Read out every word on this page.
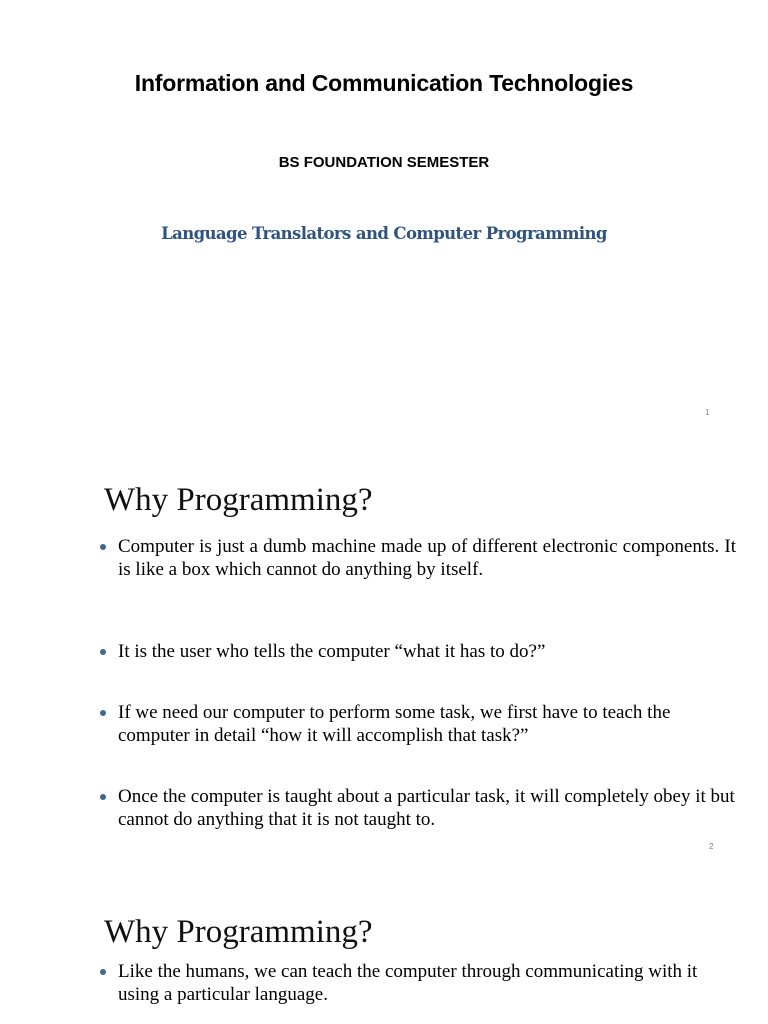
Information and Communication Technologies
BS FOUNDATION SEMESTER
Language Translators and Computer Programming
1
Why Programming?
Computer is just a dumb machine made up of different electronic components. It is like a box which cannot do anything by itself.
It is the user who tells the computer “what it has to do?”
If we need our computer to perform some task, we first have to teach the computer in detail “how it will accomplish that task?”
Once the computer is taught about a particular task, it will completely obey it but cannot do anything that it is not taught to.
2
Why Programming?
Like the humans, we can teach the computer through communicating with it using a particular language.
